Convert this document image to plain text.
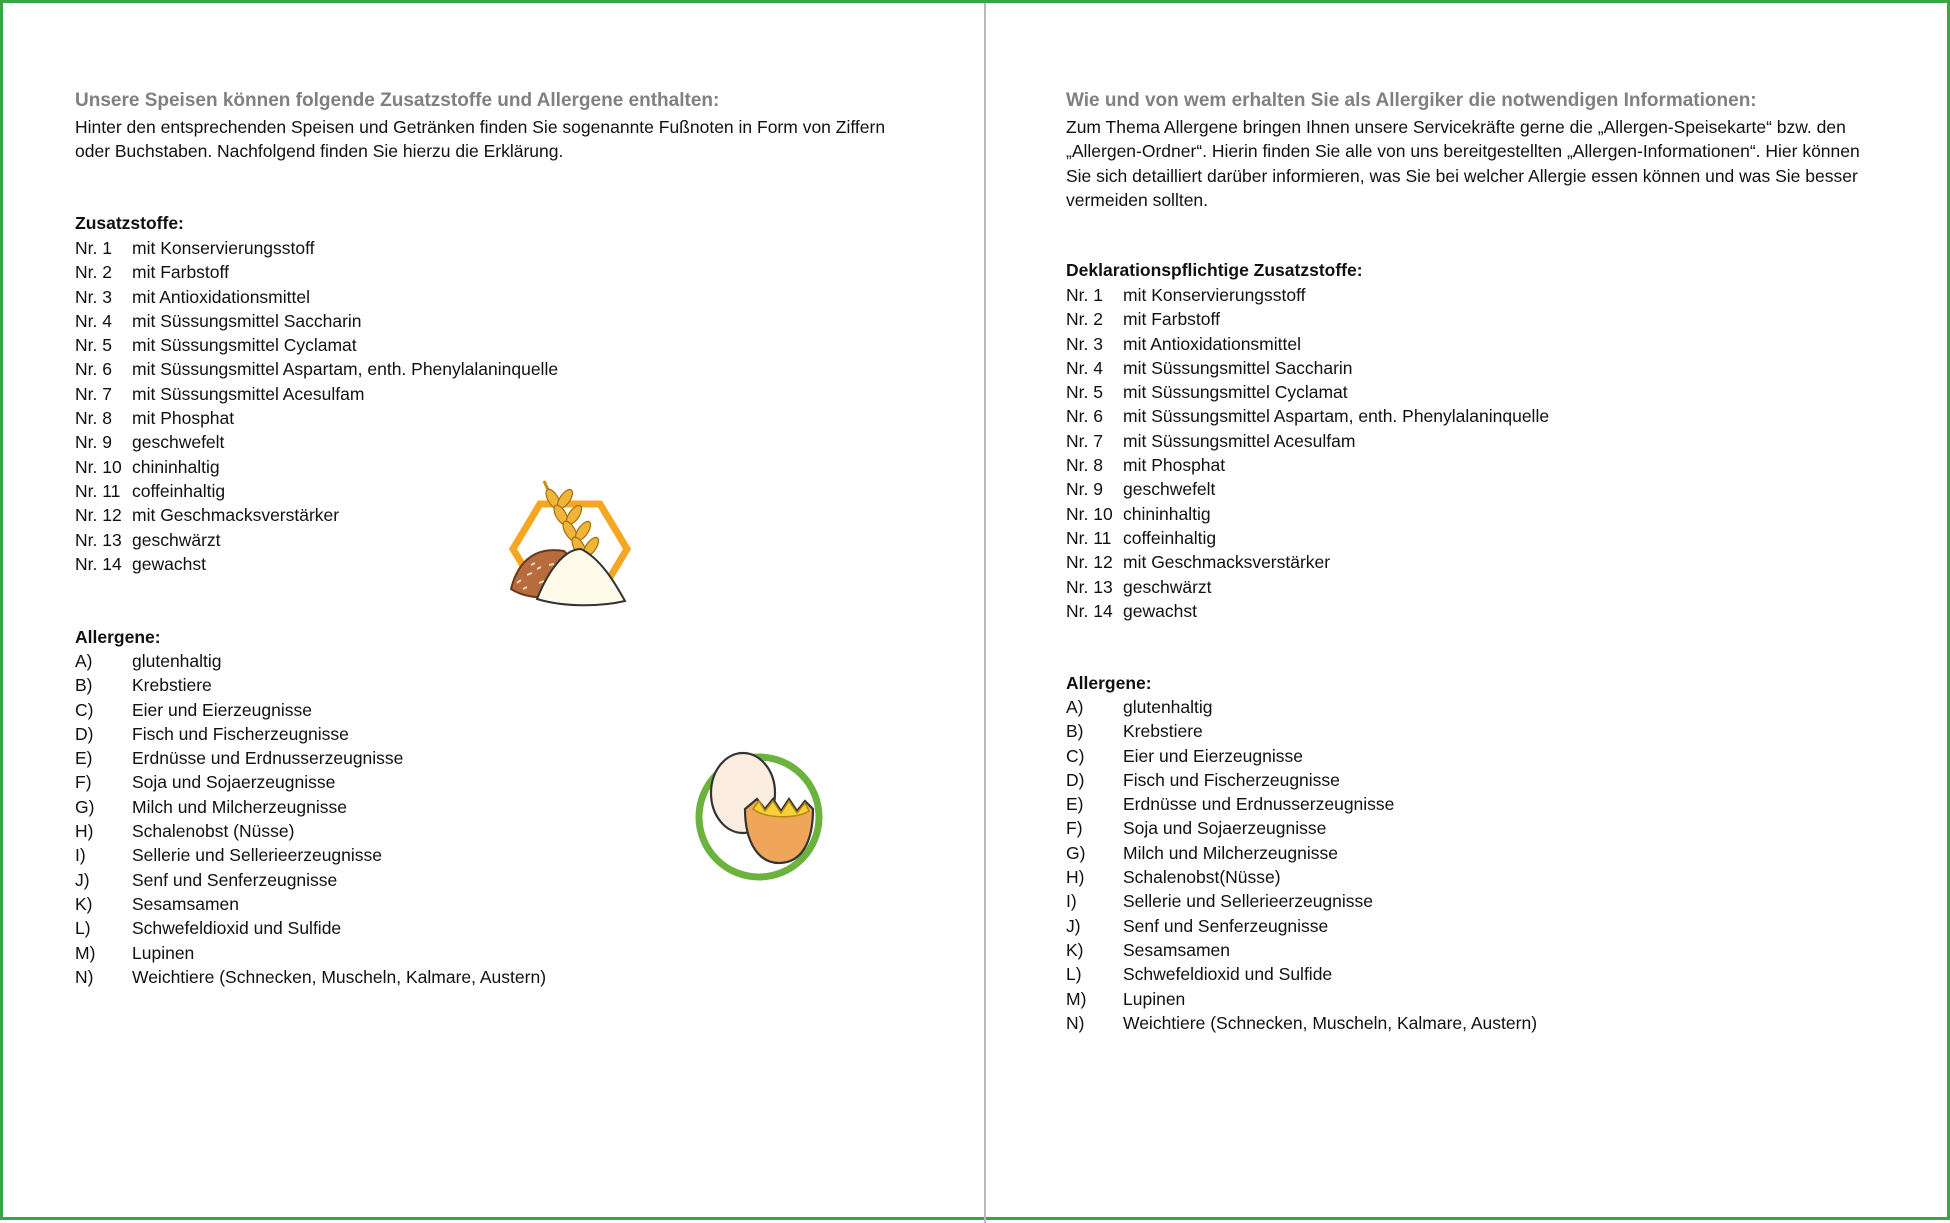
Unsere Speisen können folgende Zusatzstoffe und Allergene enthalten:

Hinter den entsprechenden Speisen und Getränken finden Sie sogenannte Fußnoten in Form von Ziffern
oder Buchstaben. Nachfolgend finden Sie hierzu die Erklärung.

Zusatzstoffe:
Nr. 1	mit Konservierungsstoff
Nr. 2	mit Farbstoff
Nr. 3	mit Antioxidationsmittel
Nr. 4	mit Süssungsmittel Saccharin
Nr. 5	mit Süssungsmittel Cyclamat
Nr. 6	mit Süssungsmittel Aspartam, enth. Phenylalaninquelle
Nr. 7	mit Süssungsmittel Acesulfam
Nr. 8	mit Phosphat
Nr. 9	geschwefelt
Nr. 10 chininhaltig
Nr. 11 coffeinhaltig
Nr. 12 mit Geschmacksverstärker
Nr. 13 geschwärzt
Nr. 14 gewachst
Allergene:
A)	glutenhaltig
B)	Krebstiere
C)	Eier und Eierzeugnisse
D)	Fisch und Fischerzeugnisse
E)	Erdnüsse und Erdnusserzeugnisse
F)	Soja und Sojaerzeugnisse
G)	Milch und Milcherzeugnisse
H)	Schalenobst (Nüsse)
I)	Sellerie und Sellerieerzeugnisse
J)	Senf und Senferzeugnisse
K)	Sesamsamen
L)	Schwefeldioxid und Sulfide
M)	Lupinen
N)	Weichtiere (Schnecken, Muscheln, Kalmare, Austern)
Wie und von wem erhalten Sie als Allergiker die notwendigen Informationen:

Zum Thema Allergene bringen Ihnen unsere Servicekräfte gerne die „Allergen-Speisekarte“ bzw. den
„Allergen-Ordner“. Hierin finden Sie alle von uns bereitgestellten „Allergen-Informationen“. Hier können
Sie sich detailliert darüber informieren, was Sie bei welcher Allergie essen können und was Sie besser
vermeiden sollten.

Deklarationspflichtige Zusatzstoffe:
Nr. 1	mit Konservierungsstoff
Nr. 2	mit Farbstoff
Nr. 3	mit Antioxidationsmittel
Nr. 4	mit Süssungsmittel Saccharin
Nr. 5	mit Süssungsmittel Cyclamat
Nr. 6	mit Süssungsmittel Aspartam, enth. Phenylalaninquelle
Nr. 7	mit Süssungsmittel Acesulfam
Nr. 8	mit Phosphat
Nr. 9	geschwefelt
Nr. 10 chininhaltig
Nr. 11 coffeinhaltig
Nr. 12 mit Geschmacksverstärker
Nr. 13 geschwärzt
Nr. 14 gewachst
Allergene:
A)	glutenhaltig
B)	Krebstiere
C)	Eier und Eierzeugnisse
D)	Fisch und Fischerzeugnisse
E)	Erdnüsse und Erdnusserzeugnisse
F)	Soja und Sojaerzeugnisse
G)	Milch und Milcherzeugnisse
H)	Schalenobst(Nüsse)
I)	Sellerie und Sellerieerzeugnisse
J)	Senf und Senferzeugnisse
K)	Sesamsamen
L)	Schwefeldioxid und Sulfide
M)	Lupinen
N)	Weichtiere (Schnecken, Muscheln, Kalmare, Austern)
